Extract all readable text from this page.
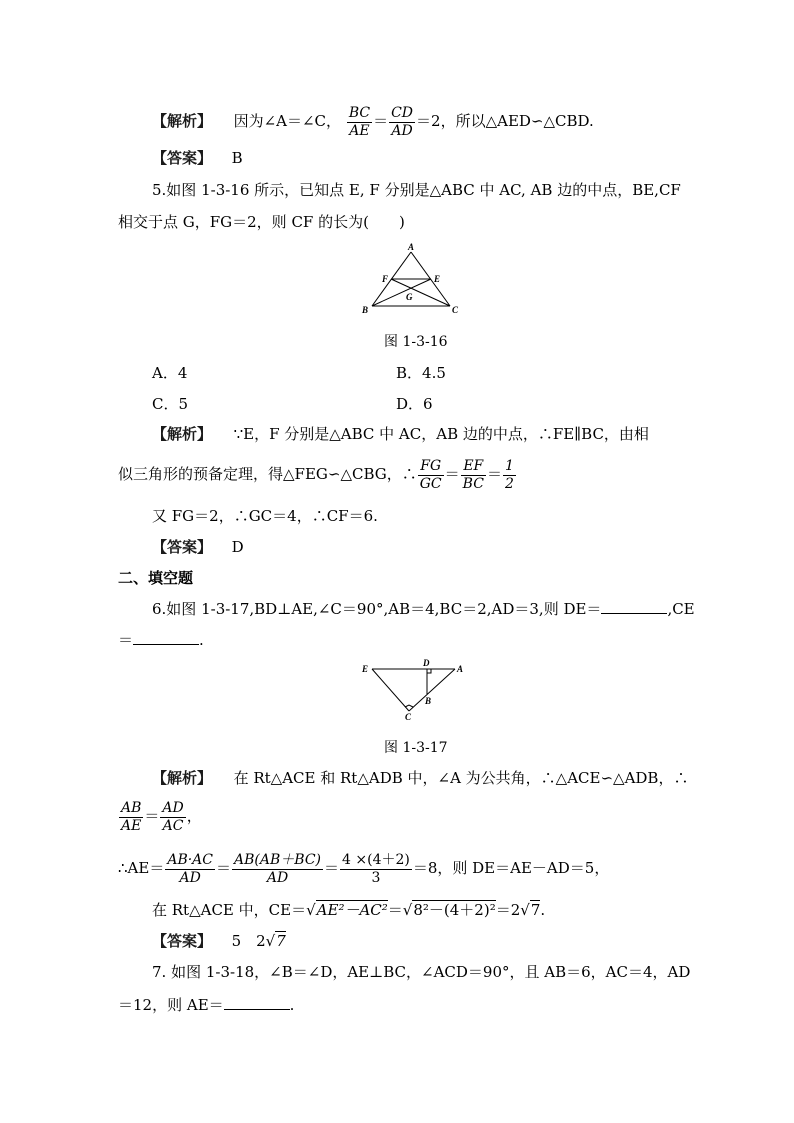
【解析】 因为∠A＝∠C， $\frac{BC}{AE} = \frac{CD}{AD} =2$，所以△AED∽△CBD.
【答案】 B
5.如图 1-3-16 所示，已知点 E, F 分别是△ABC 中 AC, AB 边的中点，BE,CF
相交于点 G，FG＝2，则 CF 的长为(　　)
A
B	C
E
F
G
图 1-3-16
A．4	B．4.5
C．5	D．6
【解析】 ∵E，F 分别是△ABC 中 AC，AB 边的中点，∴FE∥BC，由相
似三角形的预备定理，得△FEG∽△CBG，∴ $\frac{FG}{GC} = \frac{EF}{BC} = \frac{1}{2}$
又 FG＝2，∴GC＝4，∴CF＝6.
【答案】 D
二、填空题
6.如图 1-3-17,BD⊥AE,∠C＝90°,AB＝4,BC＝2,AD＝3,则 DE＝	,CE
＝	.
E
D
A
B
C
图 1-3-17
【解析】 在 Rt△ACE 和 Rt△ADB 中，∠A 为公共角，∴△ACE∽△ADB，∴
$\frac{AB}{AE} = \frac{AD}{AC}$ ，
∴AE＝ $\frac{AB\cdot AC}{AD} = \frac{AB(AB+BC)}{AD} = \frac{4 \times(4+2)}{3} =8$，则 DE＝AE－AD＝5，
在 Rt△ACE 中，CE＝√AE²－AC²＝√8²－(4＋2)²＝2√7.
【答案】 5　2√7
7. 如图 1-3-18，∠B＝∠D，AE⊥BC，∠ACD＝90°，且 AB＝6，AC＝4，AD
＝12，则 AE＝	.
